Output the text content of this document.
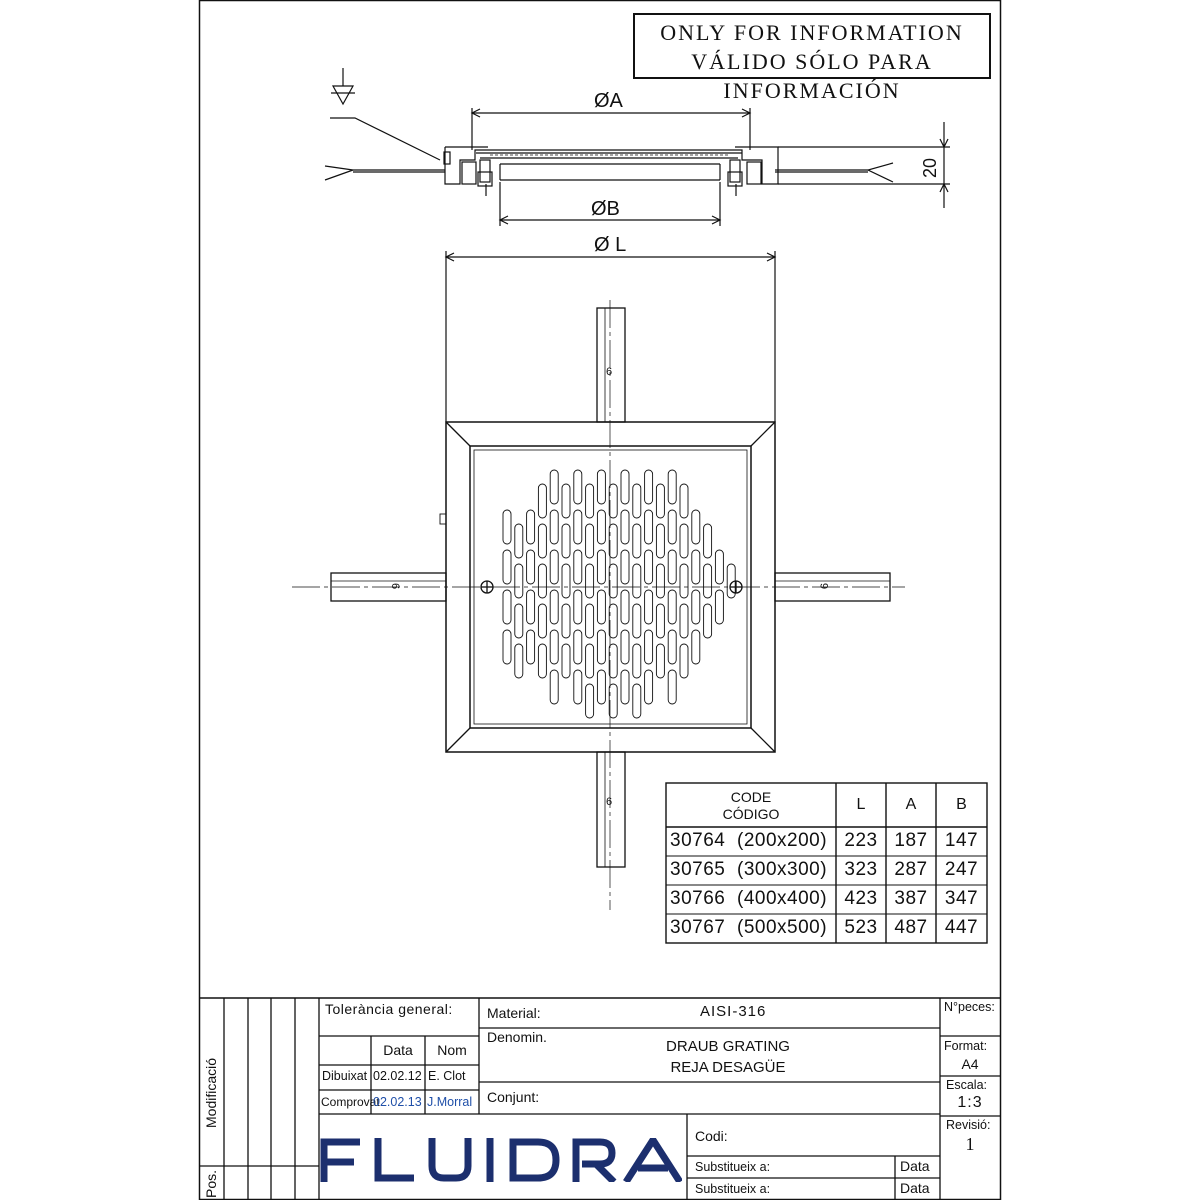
ONLY FOR INFORMATION
VÁLIDO SÓLO PARA INFORMACIÓN
ØA
ØB
Ø L
20
6
6
6	6
CODE
CÓDIGO
L	A	B
30764 (200x200) 223 187 147
30765 (300x300) 323 287 247
30766 (400x400) 423 387 347
30767 (500x500) 523 487 447
Modificació
Pos.
Tolerància general:
Data	Nom
Dibuixat 02.02.12 E. Clot
Comprovat
02.02.13 J.Morral
Material:	AISI-316
Denomin.
DRAUB GRATING
REJA DESAGÜE
Conjunt:
Codi:
Substitueix a:
Substitueix a:
Data
Data
N°peces:
Format:
A4
Escala:
1:3
Revisió:
1
